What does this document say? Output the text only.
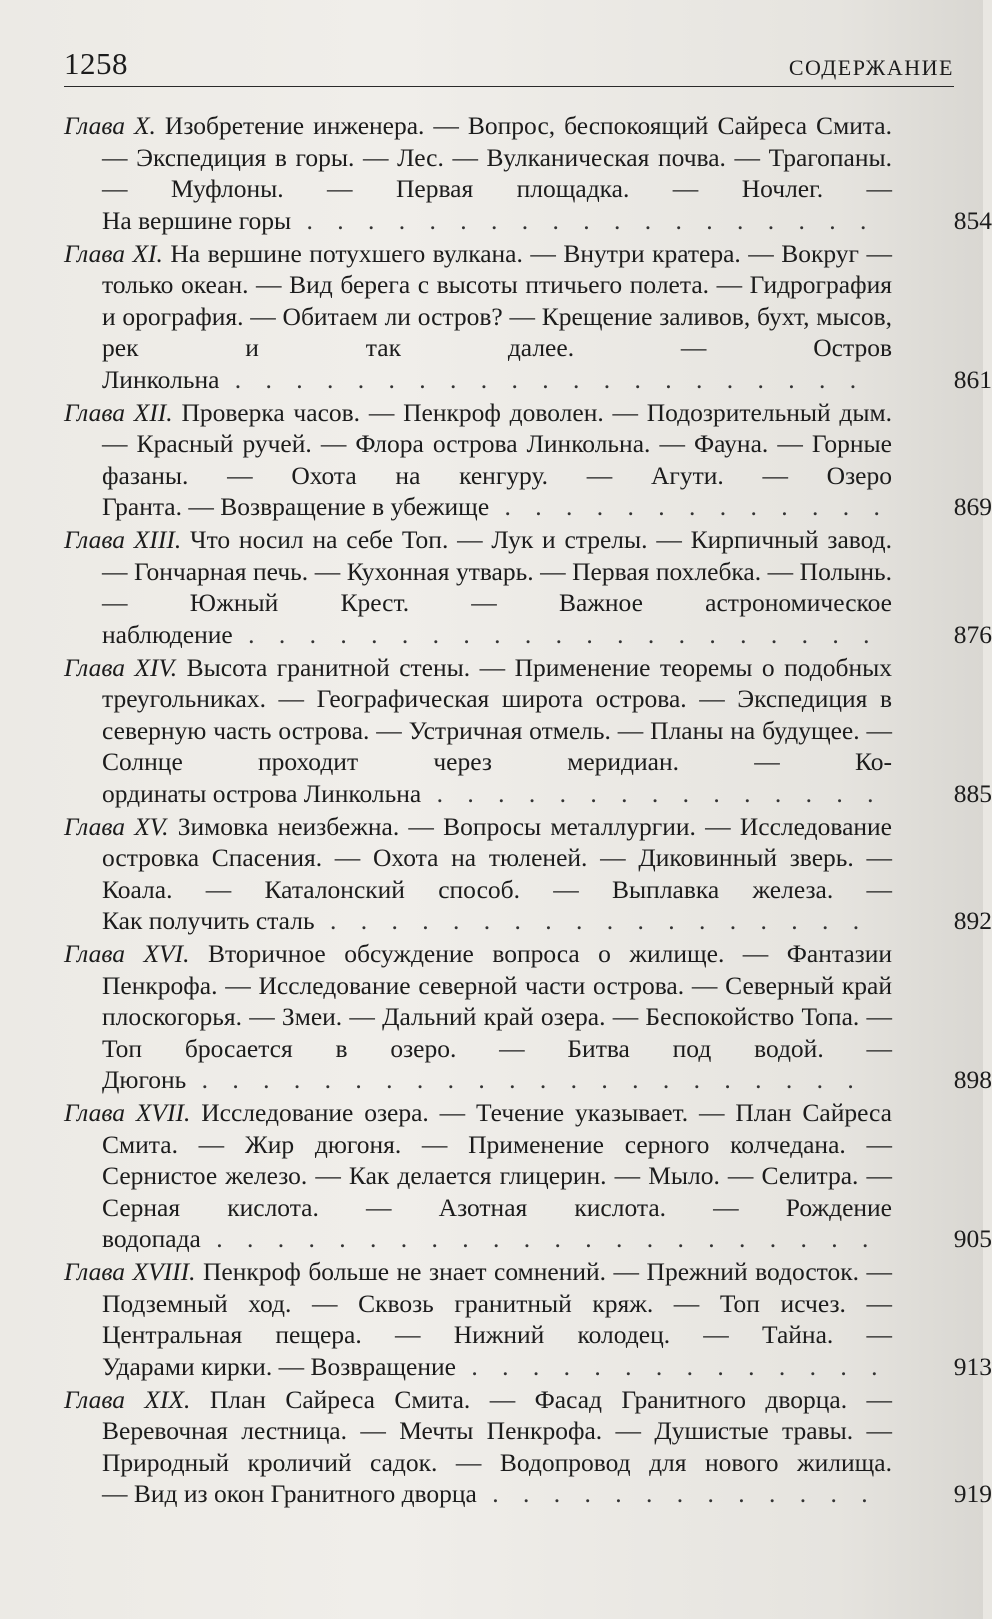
1258	СОДЕРЖАНИЕ
Глава X. Изобретение инженера. — Вопрос, беспокоящий Сайреса Смита. — Экспедиция в горы. — Лес. — Вулканическая почва. — Трагопаны. — Муфлоны. — Первая площадка. — Ночлег. — На вершине горы . . . . . . . . . . . . . . . . . . .	854
Глава XI. На вершине потухшего вулкана. — Внутри кратера. — Вокруг — только океан. — Вид берега с высоты птичьего полета. — Гидрография и орография. — Обитаем ли остров? — Крещение заливов, бухт, мысов, рек и так далее. — Остров Линкольна . . . . . . . . . . . . . . . . . . . . .	861
Глава XII. Проверка часов. — Пенкроф доволен. — Подозрительный дым. — Красный ручей. — Флора острова Линкольна. — Фауна. — Горные фазаны. — Охота на кенгуру. — Агути. — Озеро Гранта. — Возвращение в убежище . . . . . . . . . . . . .	869
Глава XIII. Что носил на себе Топ. — Лук и стрелы. — Кирпичный завод. — Гончарная печь. — Кухонная утварь. — Первая похлебка. — Полынь. — Южный Крест. — Важное астрономическое наблюдение . . . . . . . . . . . . . . . . . . . . .	876
Глава XIV. Высота гранитной стены. — Применение теоремы о подобных треугольниках. — Географическая широта острова. — Экспедиция в северную часть острова. — Устричная отмель. — Планы на будущее. — Солнце проходит через меридиан. — Ко- ординаты острова Линкольна . . . . . . . . . . . . . . .	885
Глава XV. Зимовка неизбежна. — Вопросы металлургии. — Исследование островка Спасения. — Охота на тюленей. — Диковинный зверь. — Коала. — Каталонский способ. — Выплавка железа. — Как получить сталь . . . . . . . . . . . . . . . . . .	892
Глава XVI. Вторичное обсуждение вопроса о жилище. — Фантазии Пенкрофа. — Исследование северной части острова. — Северный край плоскогорья. — Змеи. — Дальний край озера. — Беспокойство Топа. — Топ бросается в озеро. — Битва под водой. — Дюгонь . . . . . . . . . . . . . . . . . . . . . .	898
Глава XVII. Исследование озера. — Течение указывает. — План Сайреса Смита. — Жир дюгоня. — Применение серного колчедана. — Сернистое железо. — Как делается глицерин. — Мыло. — Селитра. — Серная кислота. — Азотная кислота. — Рождение водопада . . . . . . . . . . . . . . . . . . . . . .	905
Глава XVIII. Пенкроф больше не знает сомнений. — Прежний водосток. — Подземный ход. — Сквозь гранитный кряж. — Топ исчез. — Центральная пещера. — Нижний колодец. — Тайна. — Ударами кирки. — Возвращение . . . . . . . . . . . . . .	913
Глава XIX. План Сайреса Смита. — Фасад Гранитного дворца. — Веревочная лестница. — Мечты Пенкрофа. — Душистые травы. — Природный кроличий садок. — Водопровод для нового жилища. — Вид из окон Гранитного дворца . . . . . . . . . . . . .	919
